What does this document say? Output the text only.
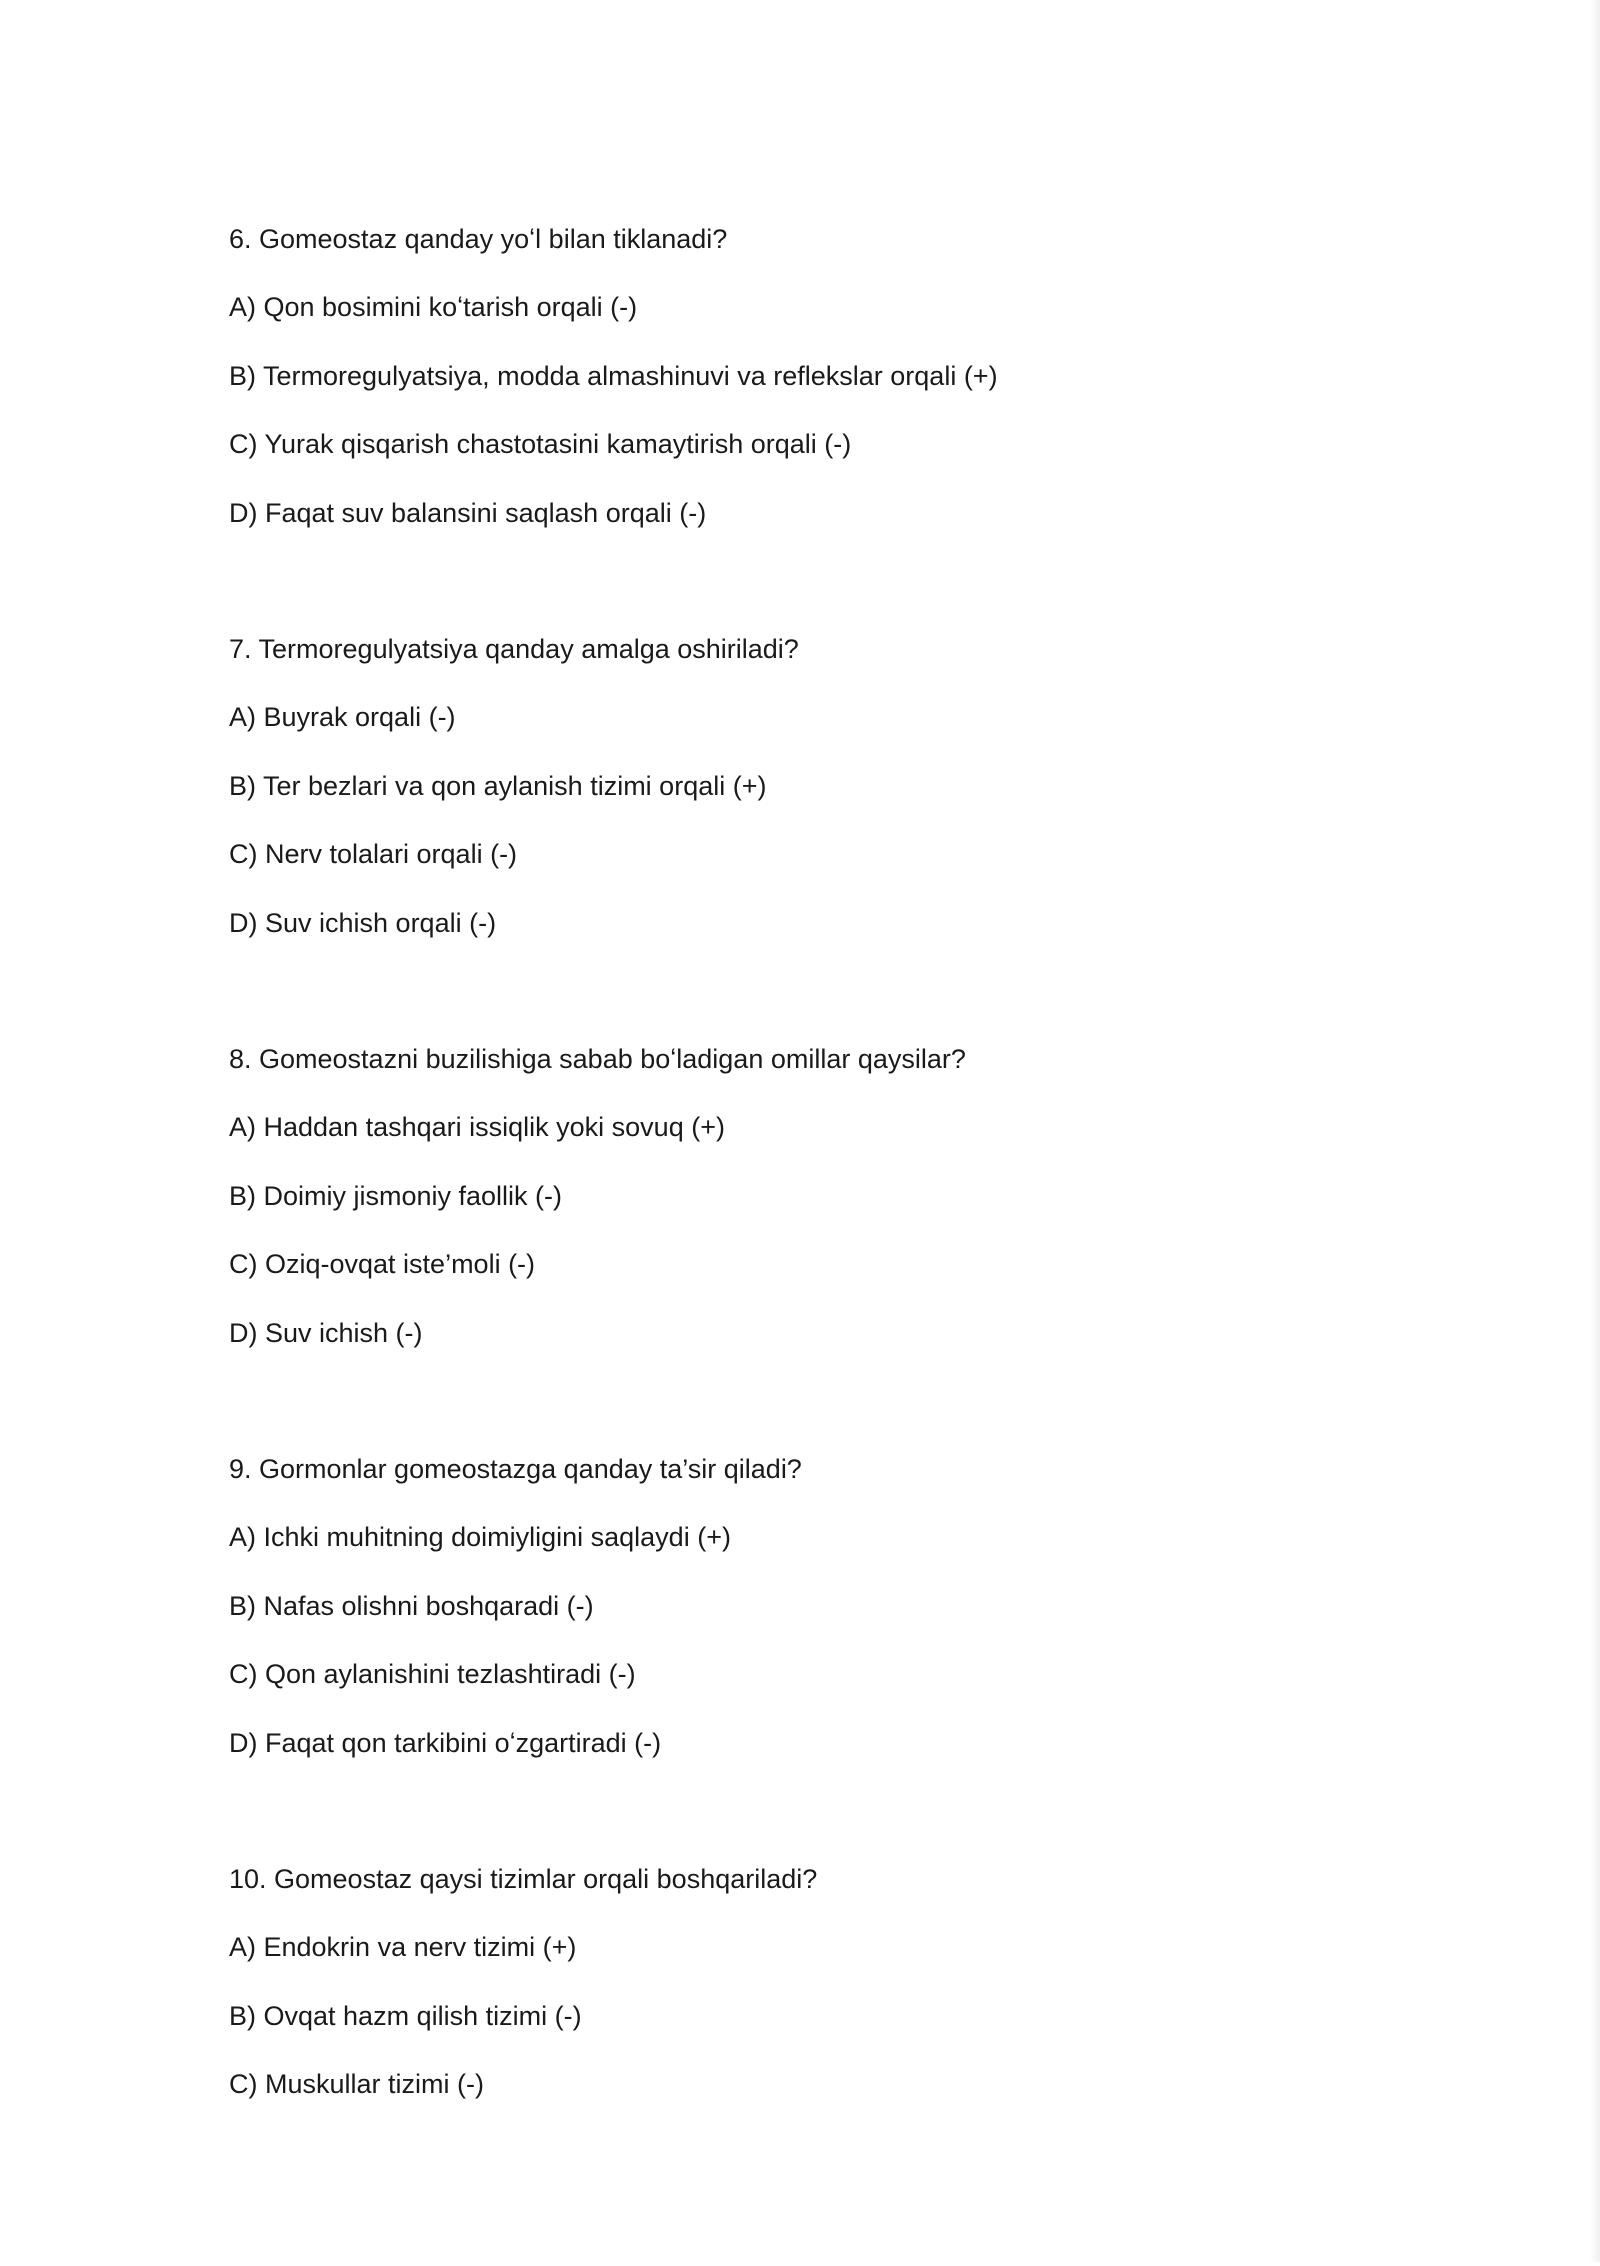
6. Gomeostaz qanday yoʻl bilan tiklanadi?
A) Qon bosimini koʻtarish orqali (-)
B) Termoregulyatsiya, modda almashinuvi va reflekslar orqali (+)
C) Yurak qisqarish chastotasini kamaytirish orqali (-)
D) Faqat suv balansini saqlash orqali (-)
7. Termoregulyatsiya qanday amalga oshiriladi?
A) Buyrak orqali (-)
B) Ter bezlari va qon aylanish tizimi orqali (+)
C) Nerv tolalari orqali (-)
D) Suv ichish orqali (-)
8. Gomeostazni buzilishiga sabab boʻladigan omillar qaysilar?
A) Haddan tashqari issiqlik yoki sovuq (+)
B) Doimiy jismoniy faollik (-)
C) Oziq-ovqat iste’moli (-)
D) Suv ichish (-)
9. Gormonlar gomeostazga qanday ta’sir qiladi?
A) Ichki muhitning doimiyligini saqlaydi (+)
B) Nafas olishni boshqaradi (-)
C) Qon aylanishini tezlashtiradi (-)
D) Faqat qon tarkibini oʻzgartiradi (-)
10. Gomeostaz qaysi tizimlar orqali boshqariladi?
A) Endokrin va nerv tizimi (+)
B) Ovqat hazm qilish tizimi (-)
C) Muskullar tizimi (-)
